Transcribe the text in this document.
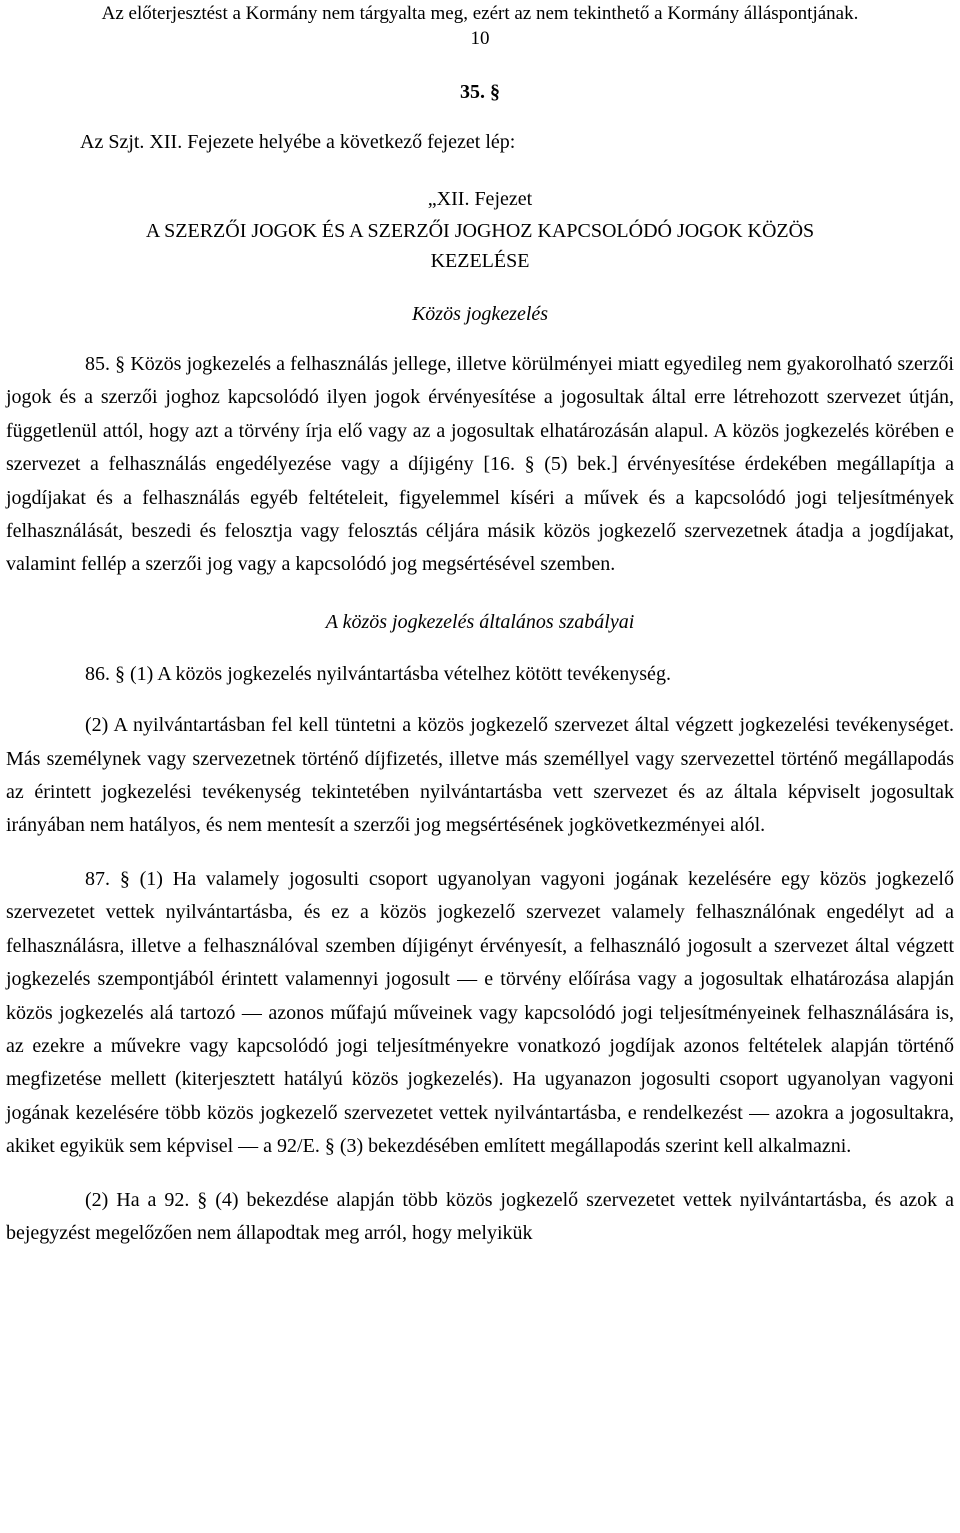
Az előterjesztést a Kormány nem tárgyalta meg, ezért az nem tekinthető a Kormány álláspontjának.

10

35. §

Az Szjt. XII. Fejezete helyébe a következő fejezet lép:

„XII. Fejezet

A SZERZŐI JOGOK ÉS A SZERZŐI JOGHOZ KAPCSOLÓDÓ JOGOK KÖZÖS

KEZELÉSE

Közös jogkezelés

85. § Közös jogkezelés a felhasználás jellege, illetve körülményei miatt egyedileg nem gyakorolható szerzői jogok és a szerzői joghoz kapcsolódó ilyen jogok érvényesítése a jogosultak által erre létrehozott szervezet útján, függetlenül attól, hogy azt a törvény írja elő vagy az a jogosultak elhatározásán alapul. A közös jogkezelés körében e szervezet a felhasználás engedélyezése vagy a díjigény [16. § (5) bek.] érvényesítése érdekében megállapítja a jogdíjakat és a felhasználás egyéb feltételeit, figyelemmel kíséri a művek és a kapcsolódó jogi teljesítmények felhasználását, beszedi és felosztja vagy felosztás céljára másik közös jogkezelő szervezetnek átadja a jogdíjakat, valamint fellép a szerzői jog vagy a kapcsolódó jog megsértésével szemben.

A közös jogkezelés általános szabályai

86. § (1) A közös jogkezelés nyilvántartásba vételhez kötött tevékenység.

(2) A nyilvántartásban fel kell tüntetni a közös jogkezelő szervezet által végzett jogkezelési tevékenységet. Más személynek vagy szervezetnek történő díjfizetés, illetve más személlyel vagy szervezettel történő megállapodás az érintett jogkezelési tevékenység tekintetében nyilvántartásba vett szervezet és az általa képviselt jogosultak irányában nem hatályos, és nem mentesít a szerzői jog megsértésének jogkövetkezményei alól.

87. § (1) Ha valamely jogosulti csoport ugyanolyan vagyoni jogának kezelésére egy közös jogkezelő szervezetet vettek nyilvántartásba, és ez a közös jogkezelő szervezet valamely felhasználónak engedélyt ad a felhasználásra, illetve a felhasználóval szemben díjigényt érvényesít, a felhasználó jogosult a szervezet által végzett jogkezelés szempontjából érintett valamennyi jogosult — e törvény előírása vagy a jogosultak elhatározása alapján közös jogkezelés alá tartozó — azonos műfajú műveinek vagy kapcsolódó jogi teljesítményeinek felhasználására is, az ezekre a művekre vagy kapcsolódó jogi teljesítményekre vonatkozó jogdíjak azonos feltételek alapján történő megfizetése mellett (kiterjesztett hatályú közös jogkezelés). Ha ugyanazon jogosulti csoport ugyanolyan vagyoni jogának kezelésére több közös jogkezelő szervezetet vettek nyilvántartásba, e rendelkezést — azokra a jogosultakra, akiket egyikük sem képvisel — a 92/E. § (3) bekezdésében említett megállapodás szerint kell alkalmazni.

(2) Ha a 92. § (4) bekezdése alapján több közös jogkezelő szervezetet vettek nyilvántartásba, és azok a bejegyzést megelőzően nem állapodtak meg arról, hogy melyikük
